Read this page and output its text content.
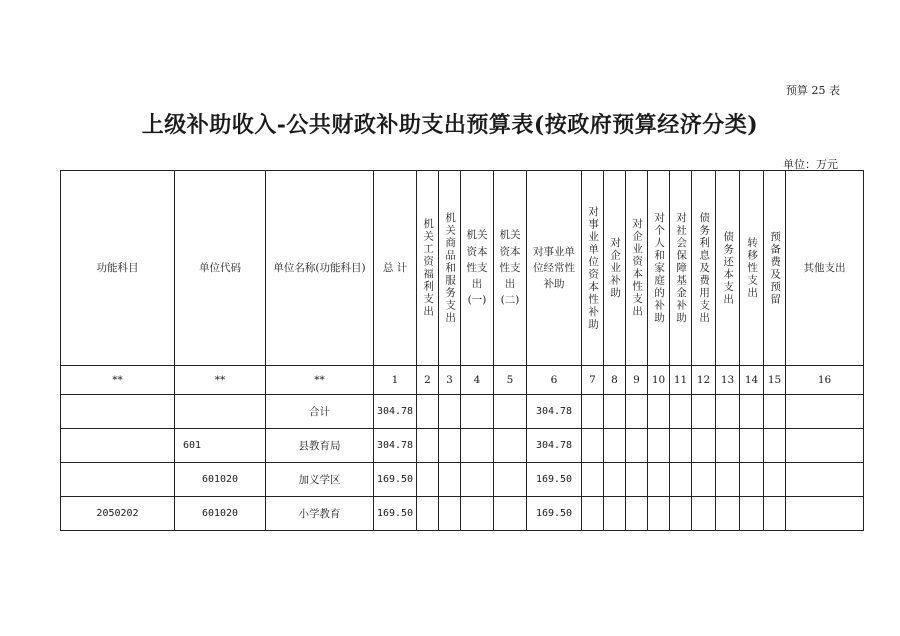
预算 25 表
上级补助收入-公共财政补助支出预算表(按政府预算经济分类)
单位：万元
功能科目	单位代码	单位名称(功能科目)	总 计	机关工资福利支出	机关商品和服务支出	机关资本性支出(一)	机关资本性支出(二)	对事业单位经常性补助	对事业单位资本性补助	对企业补助	对企业资本性支出	对个人和家庭的补助	对社会保障基金补助	债务利息及费用支出	债务还本支出	转移性支出	预备费及预留	其他支出

**	**	**	1	2	3	4	5	6	7	8	9	10	11	12	13	14	15	16
		合计	304.78					304.78										
	601	县教育局	304.78					304.78										
	601020	加义学区	169.50					169.50										
2050202	601020	小学教育	169.50					169.50										
